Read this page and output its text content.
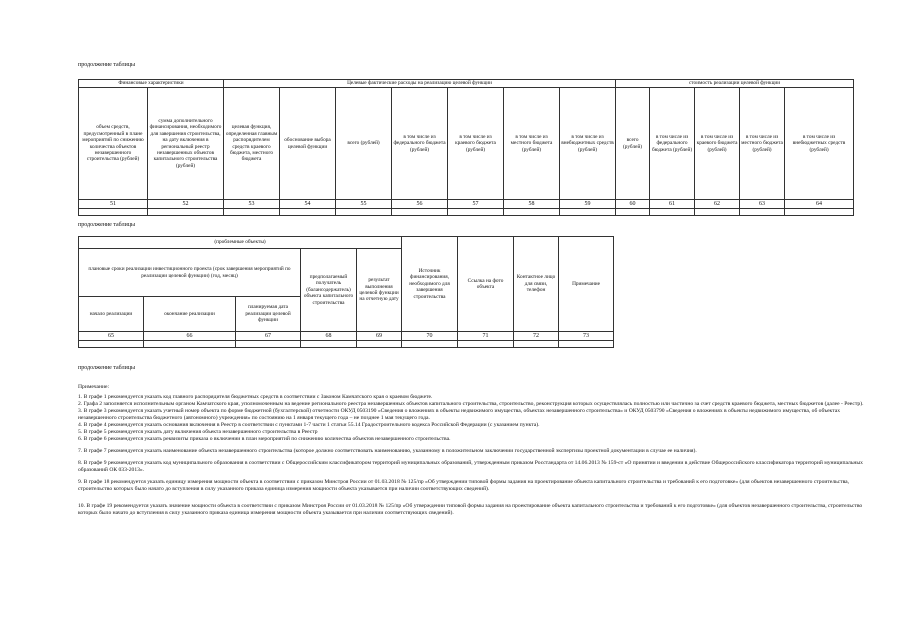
продолжение таблицы
Финансовые характеристики		Целевые фактические расходы на реализацию целевой функции							стоимость реализации целевой функции				
объем средств, предусмотренный в плане мероприятий по снижению количества объектов незавершенного строительства (рублей)	сумма дополнительного финансирования, необходимого для завершения строительства, на дату включения в региональный реестр незавершенных объектов капитального строительства (рублей)	целевая функция, определенная главным распорядителем средств краевого бюджета, местного бюджета	обоснование выбора целевой функции	всего (рублей)	в том числе из федерального бюджета (рублей)	в том числе из краевого бюджета (рублей)	в том числе из местного бюджета (рублей)	в том числе из внебюджетных средств (рублей)	всего (рублей)	в том числе из федерального бюджета (рублей)	в том числе из краевого бюджета (рублей)	в том числе из местного бюджета (рублей)	в том числе из внебюджетных средств (рублей)
51	52	53	54	55	56	57	58	59	60	61	62	63	64

продолжение таблицы
(проблемные объекты)					Источник финансирования, необходимого для завершения строительства	Ссылка на фото объекта	Контактное лицо для связи, телефон	Примечание
плановые сроки реализации инвестиционного проекта (срок завершения мероприятий по реализации целевой функции) (год, месяц)			предполагаемый получатель (балансодержатель) объекта капитального строительства	результат выполнения целевой функции на отчетную дату				
начало реализации	окончание реализации	планируемая дата реализации целевой функции						
65	66	67	68	69	70	71	72	73

продолжение таблицы

Примечание:

1. В графе 1 рекомендуется указать код главного распорядителя бюджетных средств в соответствии с Законом Камчатского края о краевом бюджете.

2. Графа 2 заполняется исполнительным органом Камчатского края, уполномоченным на ведение регионального реестра незавершенных объектов капитального строительства, строительство, реконструкция которых осуществлялась полностью или частично за счет средств краевого бюджета, местных бюджетов (далее - Реестр).

3. В графе 3 рекомендуется указать учетный номер объекта по форме бюджетной (бухгалтерской) отчетности ОКУД 0503190 «Сведения о вложениях в объекты недвижимого имущества, объектах незавершенного строительства» и ОКУД 0503790 «Сведения о вложениях в объекты недвижимого имущества, об объектах незавершенного строительства бюджетного (автономного) учреждения» по состоянию на 1 января текущего года – не позднее 1 мая текущего года.

4. В графе 4 рекомендуется указать основания включения в Реестр в соответствии с пунктами 1-7 части 1 статьи 55.14 Градостроительного кодекса Российской Федерации (с указанием пункта).

5. В графе 5 рекомендуется указать дату включения объекта незавершенного строительства в Реестр

6. В графе 6 рекомендуется указать реквизиты приказа о включении в план мероприятий по снижению количества объектов незавершенного строительства.

7. В графе 7 рекомендуется указать наименование объекта незавершенного строительства (которое должно соответствовать наименованию, указанному в положительном заключении государственной экспертизы проектной документации в случае ее наличия).

8. В графе 9 рекомендуется указать код муниципального образования в соответствии с Общероссийским классификатором территорий муниципальных образований, утвержденным приказом Росстандарта от 14.06.2013 № 159-ст «О принятии и введении в действие Общероссийского классификатора территорий муниципальных образований ОК 033-2013».

9. В графе 18 рекомендуется указать единицу измерения мощности объекта в соответствии с приказом Минстроя России от 01.03.2018 № 125/пр «Об утверждении типовой формы задания на проектирование объекта капитального строительства и требований к его подготовке» (для объектов незавершенного строительства, строительство которых было начато до вступления в силу указанного приказа единица измерения мощности объекта указывается при наличии соответствующих сведений).

10. В графе 19 рекомендуется указать значение мощности объекта в соответствии с приказом Минстроя России от 01.03.2018 № 125/пр «Об утверждении типовой формы задания на проектирование объекта капитального строительства и требований к его подготовке» (для объектов незавершенного строительства, строительство которых было начато до вступления в силу указанного приказа единица измерения мощности объекта указывается при наличии соответствующих сведений).
